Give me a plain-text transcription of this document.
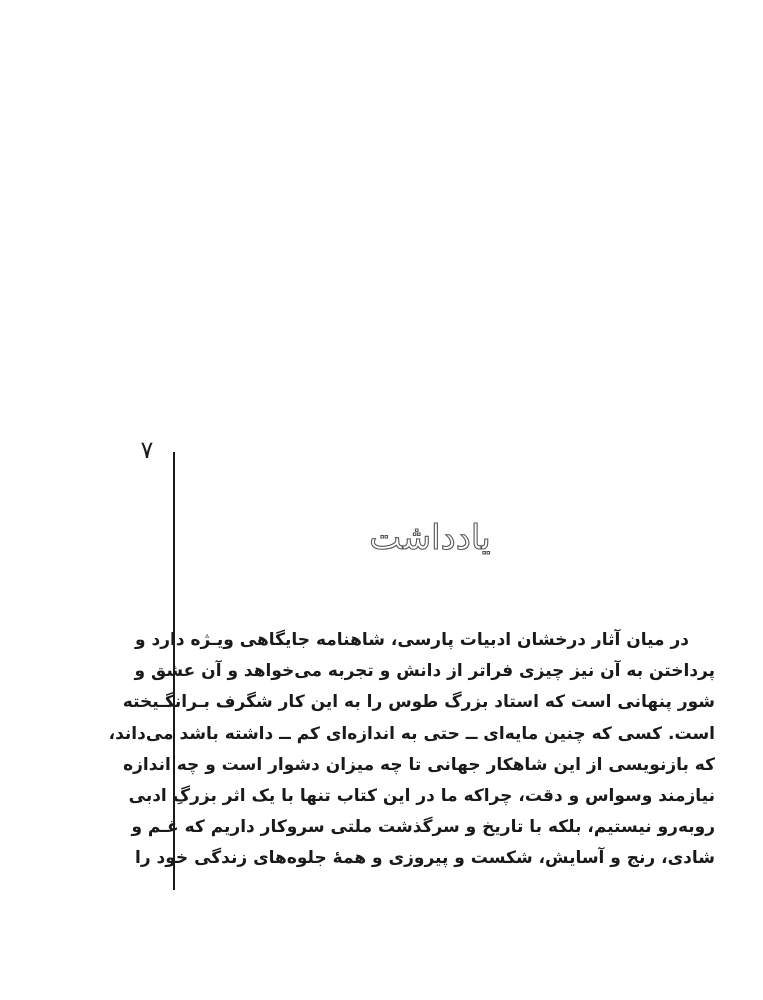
۷
یادداشت
در میان آثار درخشان ادبیات پارسی، شاهنامه جایگاهی ویـژه دارد و
پرداختن به آن نیز چیزی فراتر از دانش و تجربه می‌خواهد و آن عشق و
شور پنهانی است که استاد بزرگ طوس را به این کار شگرف بـرانگـیخته
است. کسی که چنین مایه‌ای ــ حتی به اندازه‌ای کم ــ داشته باشد می‌داند،
که بازنویسی از این شاهکار جهانی تا چه میزان دشوار است و چه اندازه
نیازمند وسواس و دقت، چراکه ما در این کتاب تنها با یک اثر بزرگِ ادبی
روبه‌رو نیستیم، بلکه با تاریخ و سرگذشت ملتی سروکار داریم که غـم و
شادی، رنج و آسایش، شکست و پیروزی و همهٔ جلوه‌های زندگی خود را
